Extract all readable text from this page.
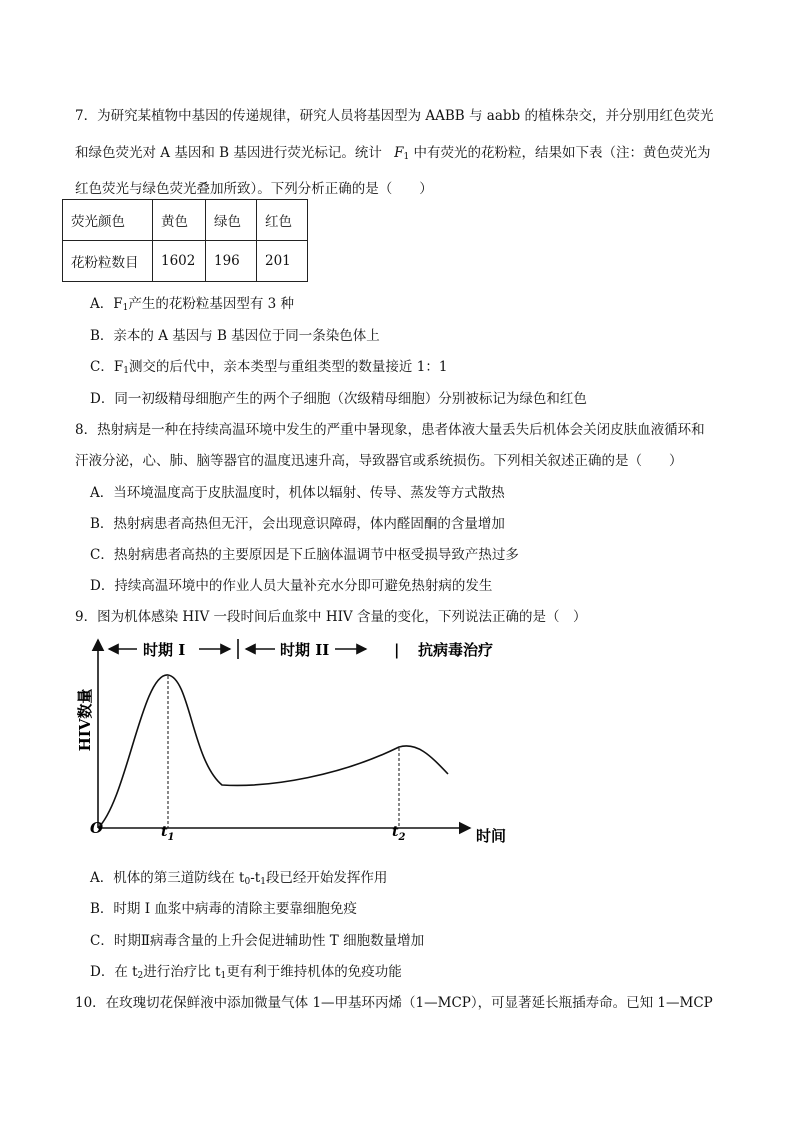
7．为研究某植物中基因的传递规律，研究人员将基因型为 AABB 与 aabb 的植株杂交，并分别用红色荧光
和绿色荧光对 A 基因和 B 基因进行荧光标记。统计 $F_1$ 中有荧光的花粉粒，结果如下表（注：黄色荧光为
红色荧光与绿色荧光叠加所致）。下列分析正确的是（　　）
荧光颜色	黄色	绿色	红色
花粉粒数目	1602	196	201
A．$F_1$产生的花粉粒基因型有 3 种
B．亲本的 A 基因与 B 基因位于同一条染色体上
C．$F_1$测交的后代中，亲本类型与重组类型的数量接近 1：1
D．同一初级精母细胞产生的两个子细胞（次级精母细胞）分别被标记为绿色和红色
8．热射病是一种在持续高温环境中发生的严重中暑现象，患者体液大量丢失后机体会关闭皮肤血液循环和
汗液分泌，心、肺、脑等器官的温度迅速升高，导致器官或系统损伤。下列相关叙述正确的是（　　）
A．当环境温度高于皮肤温度时，机体以辐射、传导、蒸发等方式散热
B．热射病患者高热但无汗，会出现意识障碍，体内醛固酮的含量增加
C．热射病患者高热的主要原因是下丘脑体温调节中枢受损导致产热过多
D．持续高温环境中的作业人员大量补充水分即可避免热射病的发生
9．图为机体感染 HIV 一段时间后血浆中 HIV 含量的变化，下列说法正确的是（　）
HIV数量
时间
O	$t_1$	$t_2$
时期 I	时期 II	| 抗病毒治疗
A．机体的第三道防线在 $t_0-t_1$段已经开始发挥作用
B．时期 I 血浆中病毒的清除主要靠细胞免疫
C．时期Ⅱ病毒含量的上升会促进辅助性 T 细胞数量增加
D．在 $t_2$进行治疗比 $t_1$更有利于维持机体的免疫功能
10．在玫瑰切花保鲜液中添加微量气体 1—甲基环丙烯（1—MCP），可显著延长瓶插寿命。已知 1—MCP
